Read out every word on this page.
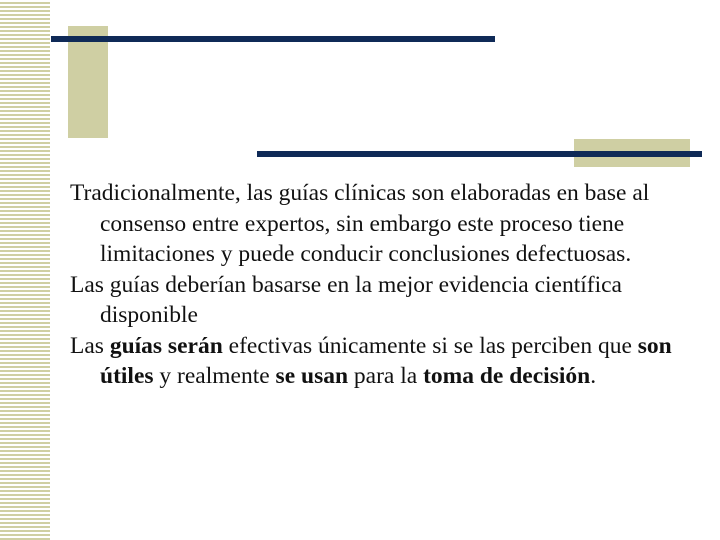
Tradicionalmente, las guías clínicas son elaboradas en base al consenso entre expertos, sin embargo este proceso tiene limitaciones y puede conducir conclusiones defectuosas.

Las guías deberían basarse en la mejor evidencia científica disponible

Las guías serán efectivas únicamente si se las perciben que son útiles y realmente se usan para la toma de decisión.
